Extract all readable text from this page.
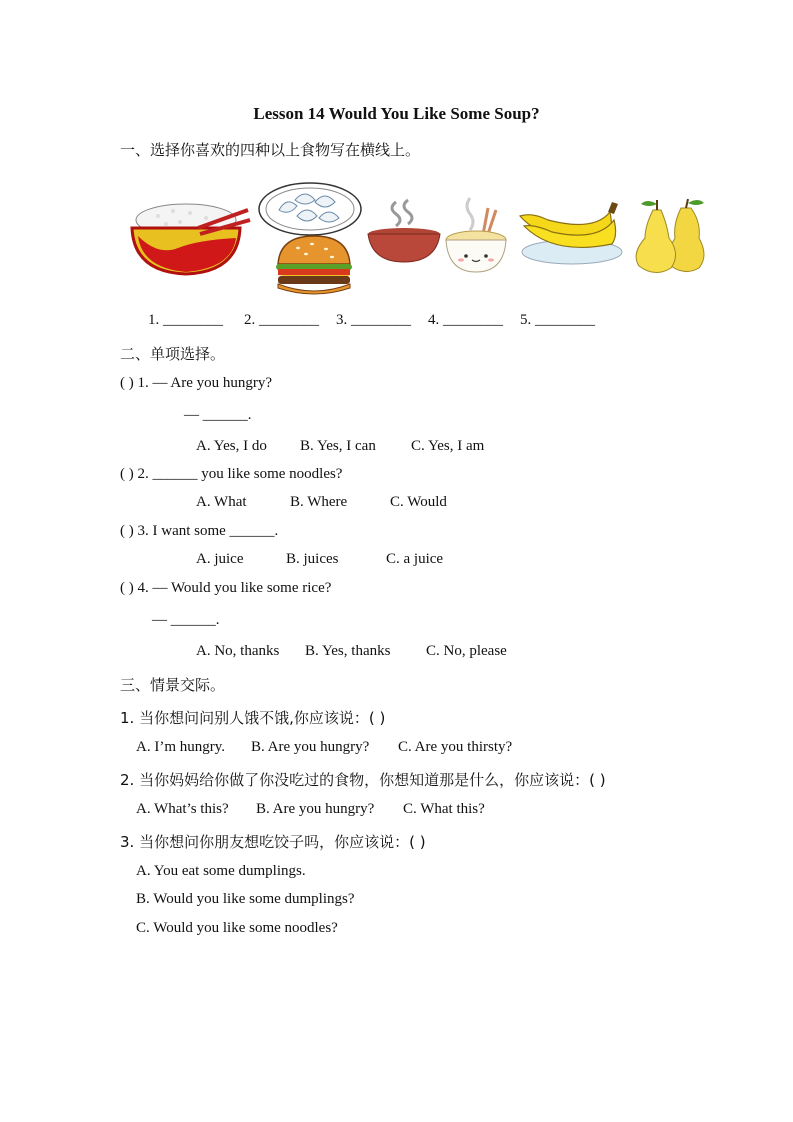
Lesson 14 Would You Like Some Soup?
一、选择你喜欢的四种以上食物写在横线上。
1. ________ 2. ________ 3. ________ 4. ________ 5. ________
二、单项选择。
( ) 1. — Are you hungry?
— ______.
A. Yes, I do B. Yes, I can C. Yes, I am
( ) 2. ______ you like some noodles?
A. What	B. Where	C. Would
( ) 3. I want some ______.
A. juice	B. juices	C. a juice
( ) 4. — Would you like some rice?
— ______.
A. No, thanks B. Yes, thanks C. No, please
三、情景交际。
1. 当你想问问别人饿不饿,你应该说：( )
A. I’m hungry. B. Are you hungry? C. Are you thirsty?
2. 当你妈妈给你做了你没吃过的食物，你想知道那是什么，你应该说：( )
A. What’s this? B. Are you hungry? C. What this?
3. 当你想问你朋友想吃饺子吗，你应该说：( )
A. You eat some dumplings.
B. Would you like some dumplings?
C. Would you like some noodles?
